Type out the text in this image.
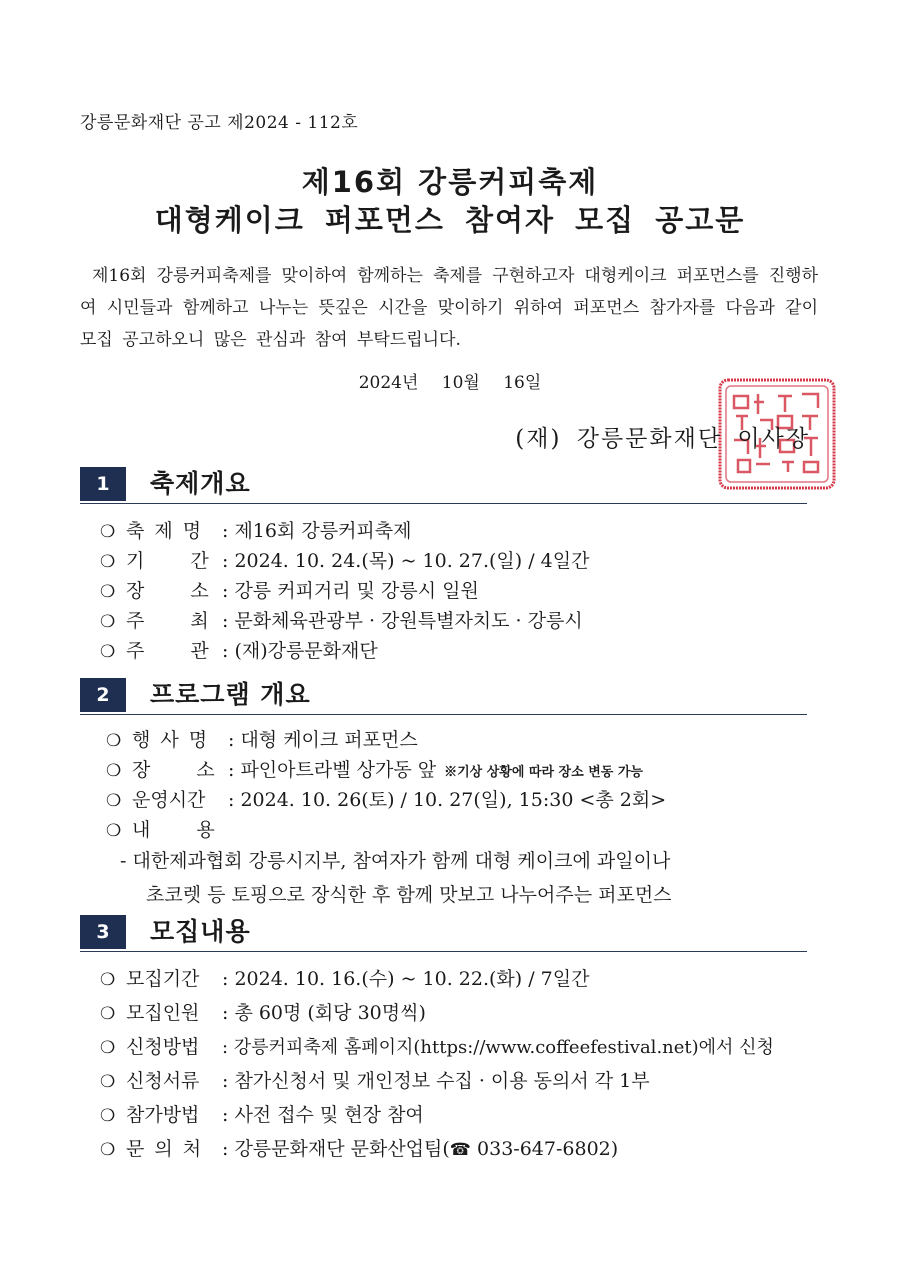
강릉문화재단 공고 제2024 - 112호
제16회 강릉커피축제
대형케이크 퍼포먼스 참여자 모집 공고문
제16회 강릉커피축제를 맞이하여 함께하는 축제를 구현하고자 대형케이크 퍼포먼스를 진행하여 시민들과 함께하고 나누는 뜻깊은 시간을 맞이하기 위하여 퍼포먼스 참가자를 다음과 같이 모집 공고하오니 많은 관심과 참여 부탁드립니다.
2024년 10월 16일
(재) 강릉문화재단 이사장
1	축제개요
❍ 축 제 명 : 제16회 강릉커피축제
❍ 기 간 : 2024. 10. 24.(목) ~ 10. 27.(일) / 4일간
❍ 장 소 : 강릉 커피거리 및 강릉시 일원
❍ 주 최 : 문화체육관광부 · 강원특별자치도 · 강릉시
❍ 주 관 : (재)강릉문화재단
2	프로그램 개요
❍ 행 사 명 : 대형 케이크 퍼포먼스
❍ 장 소 : 파인아트라벨 상가동 앞 ※기상 상황에 따라 장소 변동 가능
❍ 운영시간 : 2024. 10. 26(토) / 10. 27(일), 15:30 <총 2회>
❍ 내 용
- 대한제과협회 강릉시지부, 참여자가 함께 대형 케이크에 과일이나
초코렛 등 토핑으로 장식한 후 함께 맛보고 나누어주는 퍼포먼스
3	모집내용
❍ 모집기간 : 2024. 10. 16.(수) ~ 10. 22.(화) / 7일간
❍ 모집인원 : 총 60명 (회당 30명씩)
❍ 신청방법 : 강릉커피축제 홈페이지(https://www.coffeefestival.net)에서 신청
❍ 신청서류 : 참가신청서 및 개인정보 수집 · 이용 동의서 각 1부
❍ 참가방법 : 사전 접수 및 현장 참여
❍ 문 의 처 : 강릉문화재단 문화산업팀(☎ 033-647-6802)
